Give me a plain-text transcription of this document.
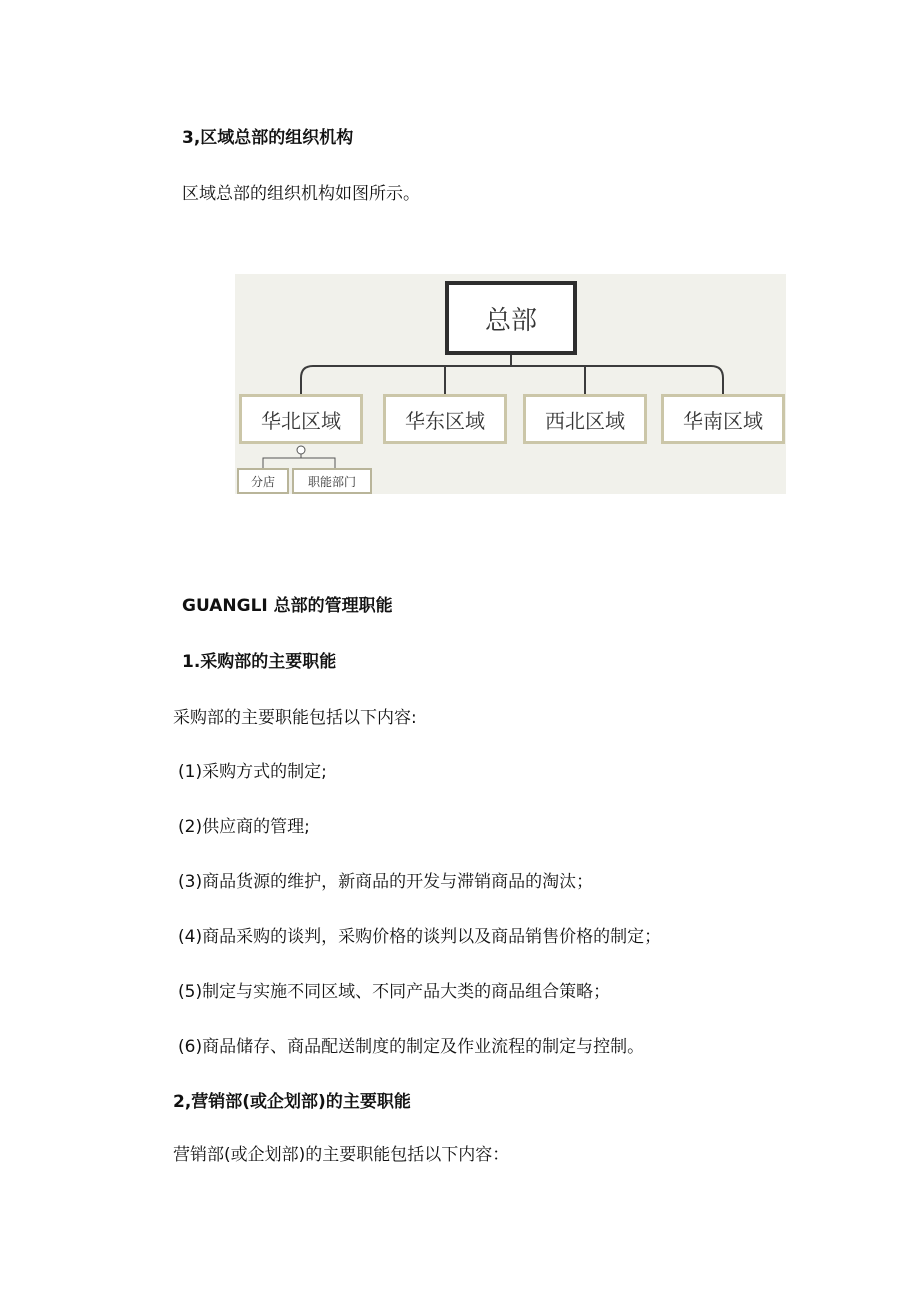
3,区域总部的组织机构
区域总部的组织机构如图所示。
总部
华北区域	华东区域	西北区域	华南区域
分店	职能部门
GUANGLI 总部的管理职能
1.采购部的主要职能
采购部的主要职能包括以下内容:
(1)采购方式的制定;
(2)供应商的管理;
(3)商品货源的维护，新商品的开发与滞销商品的淘汰；
(4)商品采购的谈判，采购价格的谈判以及商品销售价格的制定；
(5)制定与实施不同区域、不同产品大类的商品组合策略；
(6)商品储存、商品配送制度的制定及作业流程的制定与控制。
2,营销部(或企划部)的主要职能
营销部(或企划部)的主要职能包括以下内容：
